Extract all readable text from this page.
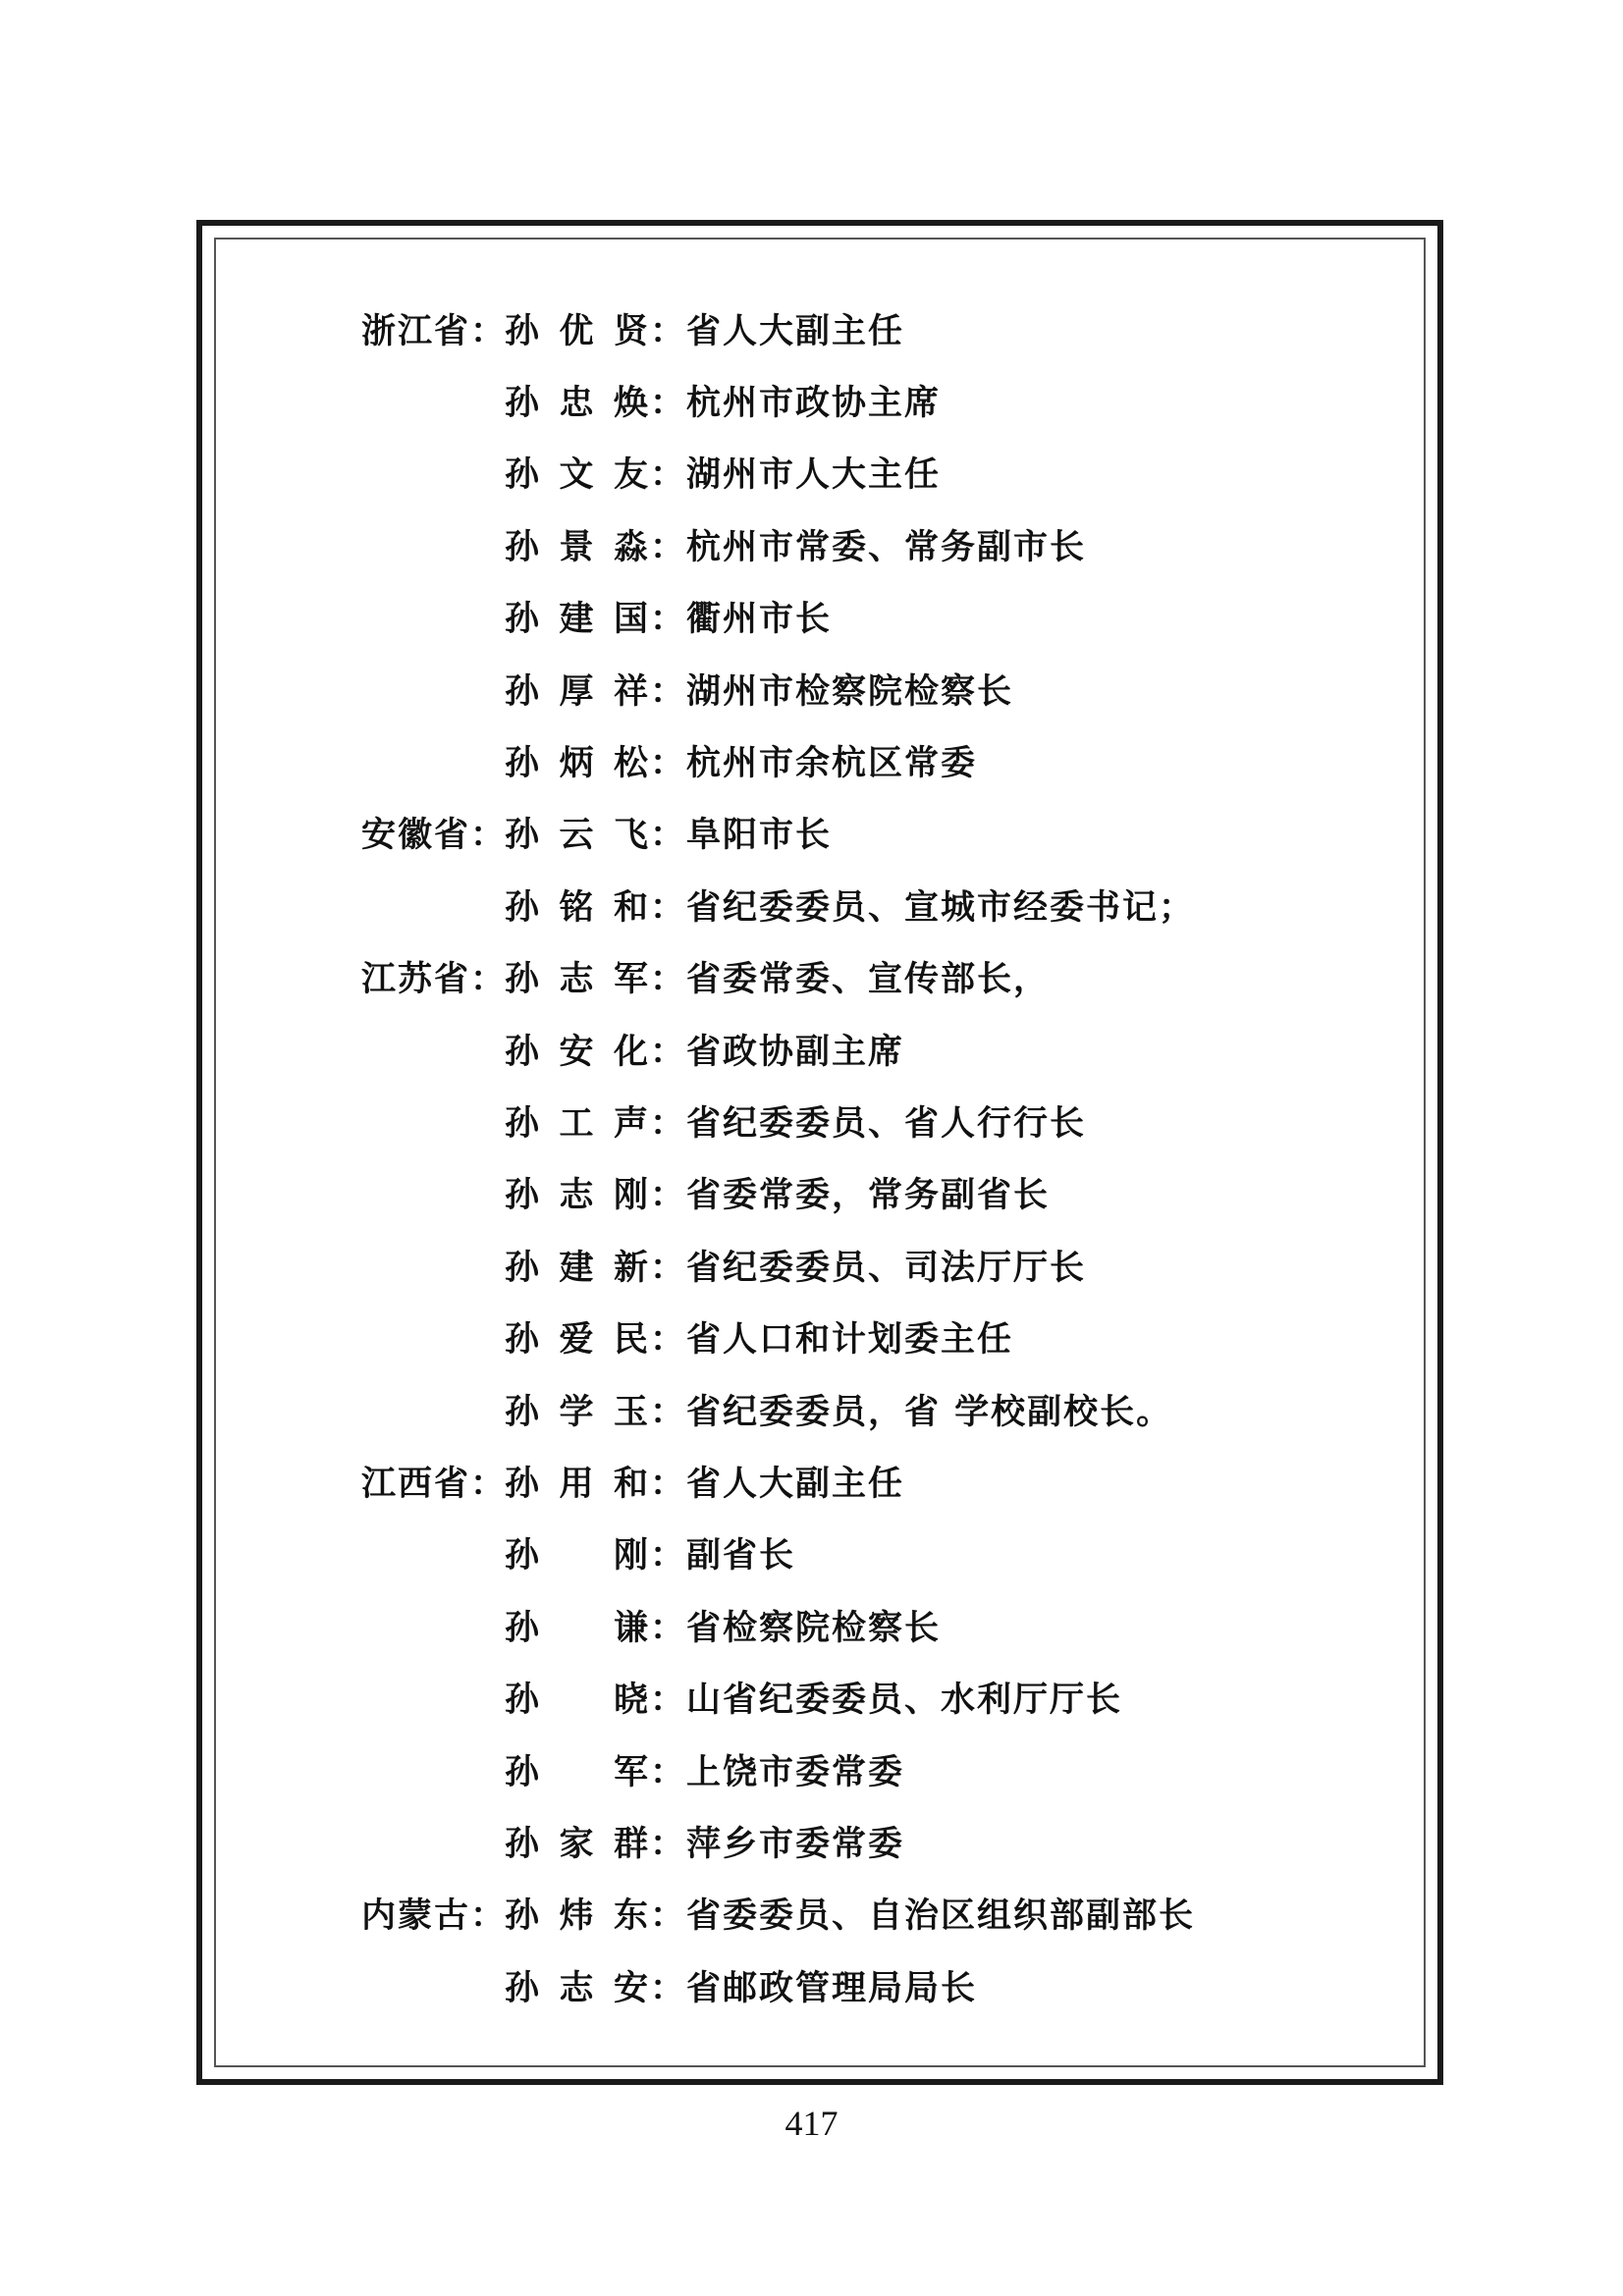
浙江省：
孙优贤 ：省人大副主任
孙忠焕 ：杭州市政协主席
孙文友 ：湖州市人大主任
孙景淼 ：杭州市常委、常务副市长
孙建国 ：衢州市长
孙厚祥 ：湖州市检察院检察长
孙炳松 ：杭州市余杭区常委
安徽省：
孙云飞 ：阜阳市长
孙铭和 ：省纪委委员、宣城市经委书记；
江苏省：
孙志军 ：省委常委、宣传部长，
孙安化 ：省政协副主席
孙工声 ：省纪委委员、省人行行长
孙志刚 ：省委常委，常务副省长
孙建新 ：省纪委委员、司法厅厅长
孙爱民 ：省人口和计划委主任
孙学玉 ：省纪委委员，省 学校副校长。
江西省：
孙用和 ：省人大副主任
孙 刚 ：副省长
孙 谦 ：省检察院检察长
孙 晓 ：山省纪委委员、水利厅厅长
孙 军 ：上饶市委常委
孙家群 ：萍乡市委常委
内蒙古：
孙炜东 ：省委委员、自治区组织部副部长
孙志安 ：省邮政管理局局长
417
